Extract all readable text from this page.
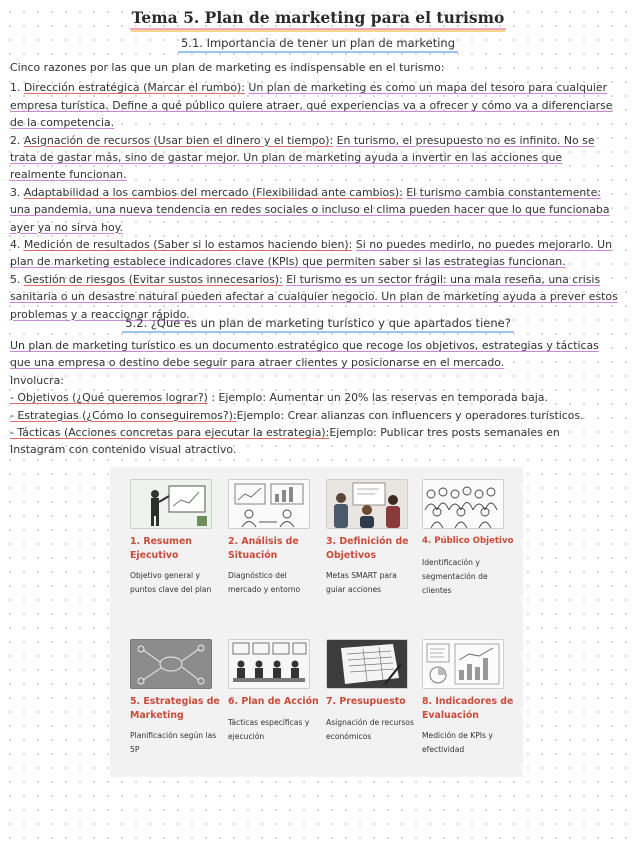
Tema 5. Plan de marketing para el turismo
5.1. Importancia de tener un plan de marketing

Cinco razones por las que un plan de marketing es indispensable en el turismo:

1. Dirección estratégica (Marcar el rumbo): Un plan de marketing es como un mapa del tesoro para cualquier empresa turística. Define a qué público quiere atraer, qué experiencias va a ofrecer y cómo va a diferenciarse de la competencia.

2. Asignación de recursos (Usar bien el dinero y el tiempo): En turismo, el presupuesto no es infinito. No se trata de gastar más, sino de gastar mejor. Un plan de marketing ayuda a invertir en las acciones que realmente funcionan.

3. Adaptabilidad a los cambios del mercado (Flexibilidad ante cambios): El turismo cambia constantemente: una pandemia, una nueva tendencia en redes sociales o incluso el clima pueden hacer que lo que funcionaba ayer ya no sirva hoy.

4. Medición de resultados (Saber si lo estamos haciendo bien): Si no puedes medirlo, no puedes mejorarlo. Un plan de marketing establece indicadores clave (KPIs) que permiten saber si las estrategias funcionan.

5. Gestión de riesgos (Evitar sustos innecesarios): El turismo es un sector frágil: una mala reseña, una crisis sanitaria o un desastre natural pueden afectar a cualquier negocio. Un plan de marketing ayuda a prever estos problemas y a reaccionar rápido.

5.2. ¿Que es un plan de marketing turístico y que apartados tiene?

Un plan de marketing turístico es un documento estratégico que recoge los objetivos, estrategias y tácticas que una empresa o destino debe seguir para atraer clientes y posicionarse en el mercado.

Involucra:

- Objetivos (¿Qué queremos lograr?) : Ejemplo: Aumentar un 20% las reservas en temporada baja.

- Estrategias (¿Cómo lo conseguiremos?):Ejemplo: Crear alianzas con influencers y operadores turísticos.

- Tácticas (Acciones concretas para ejecutar la estrategia):Ejemplo: Publicar tres posts semanales en Instagram con contenido visual atractivo.

1. Resumen Ejecutivo
Objetivo general y puntos clave del plan
2. Análisis de Situación
Diagnóstico del mercado y entorno
3. Definición de Objetivos
Metas SMART para guiar acciones
4. Público Objetivo
Identificación y segmentación de clientes
5. Estrategias de Marketing
Planificación según las 5P
6. Plan de Acción
Tácticas específicas y ejecución
7. Presupuesto
Asignación de recursos económicos
8. Indicadores de Evaluación
Medición de KPIs y efectividad
